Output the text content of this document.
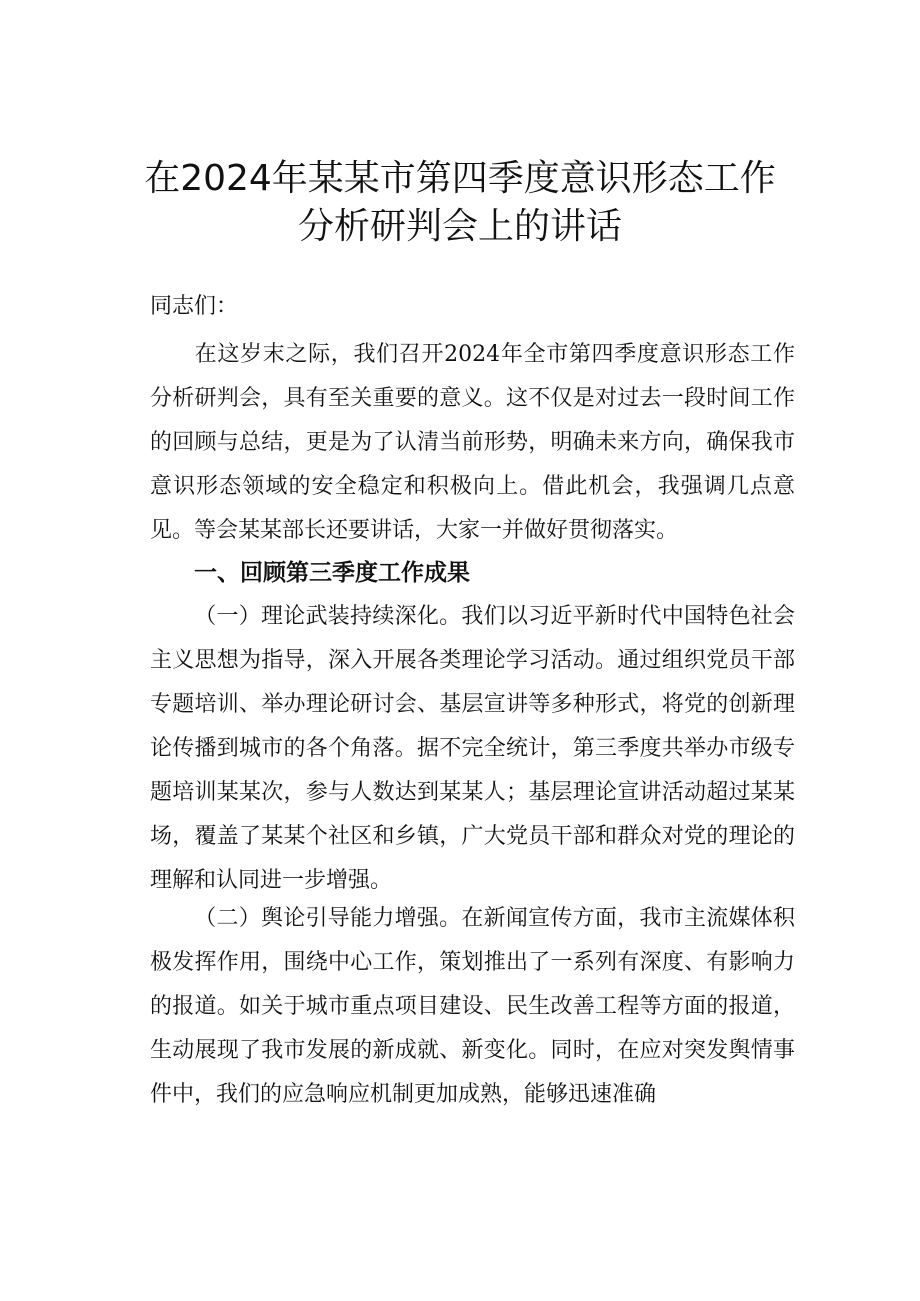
在2024年某某市第四季度意识形态工作
分析研判会上的讲话
同志们：
在这岁末之际，我们召开2024年全市第四季度意识形态工作分析研判会，具有至关重要的意义。这不仅是对过去一段时间工作的回顾与总结，更是为了认清当前形势，明确未来方向，确保我市意识形态领域的安全稳定和积极向上。借此机会，我强调几点意见。等会某某部长还要讲话，大家一并做好贯彻落实。
一、回顾第三季度工作成果
（一）理论武装持续深化。我们以习近平新时代中国特色社会主义思想为指导，深入开展各类理论学习活动。通过组织党员干部专题培训、举办理论研讨会、基层宣讲等多种形式，将党的创新理论传播到城市的各个角落。据不完全统计，第三季度共举办市级专题培训某某次，参与人数达到某某人；基层理论宣讲活动超过某某场，覆盖了某某个社区和乡镇，广大党员干部和群众对党的理论的理解和认同进一步增强。
（二）舆论引导能力增强。在新闻宣传方面，我市主流媒体积极发挥作用，围绕中心工作，策划推出了一系列有深度、有影响力的报道。如关于城市重点项目建设、民生改善工程等方面的报道，生动展现了我市发展的新成就、新变化。同时，在应对突发舆情事件中，我们的应急响应机制更加成熟，能够迅速准确
